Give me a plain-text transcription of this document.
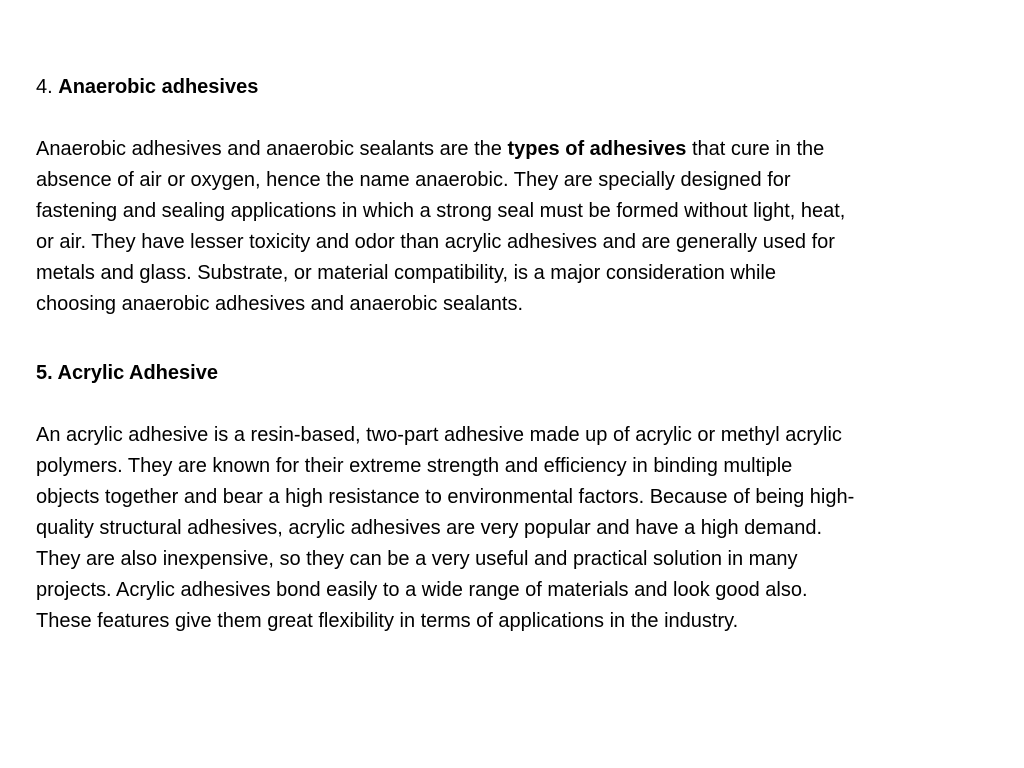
4. Anaerobic adhesives

Anaerobic adhesives and anaerobic sealants are the types of adhesives that cure in the absence of air or oxygen, hence the name anaerobic. They are specially designed for fastening and sealing applications in which a strong seal must be formed without light, heat, or air. They have lesser toxicity and odor than acrylic adhesives and are generally used for metals and glass. Substrate, or material compatibility, is a major consideration while choosing anaerobic adhesives and anaerobic sealants.

5. Acrylic Adhesive

An acrylic adhesive is a resin-based, two-part adhesive made up of acrylic or methyl acrylic polymers. They are known for their extreme strength and efficiency in binding multiple objects together and bear a high resistance to environmental factors. Because of being high-quality structural adhesives, acrylic adhesives are very popular and have a high demand. They are also inexpensive, so they can be a very useful and practical solution in many projects. Acrylic adhesives bond easily to a wide range of materials and look good also. These features give them great flexibility in terms of applications in the industry.
